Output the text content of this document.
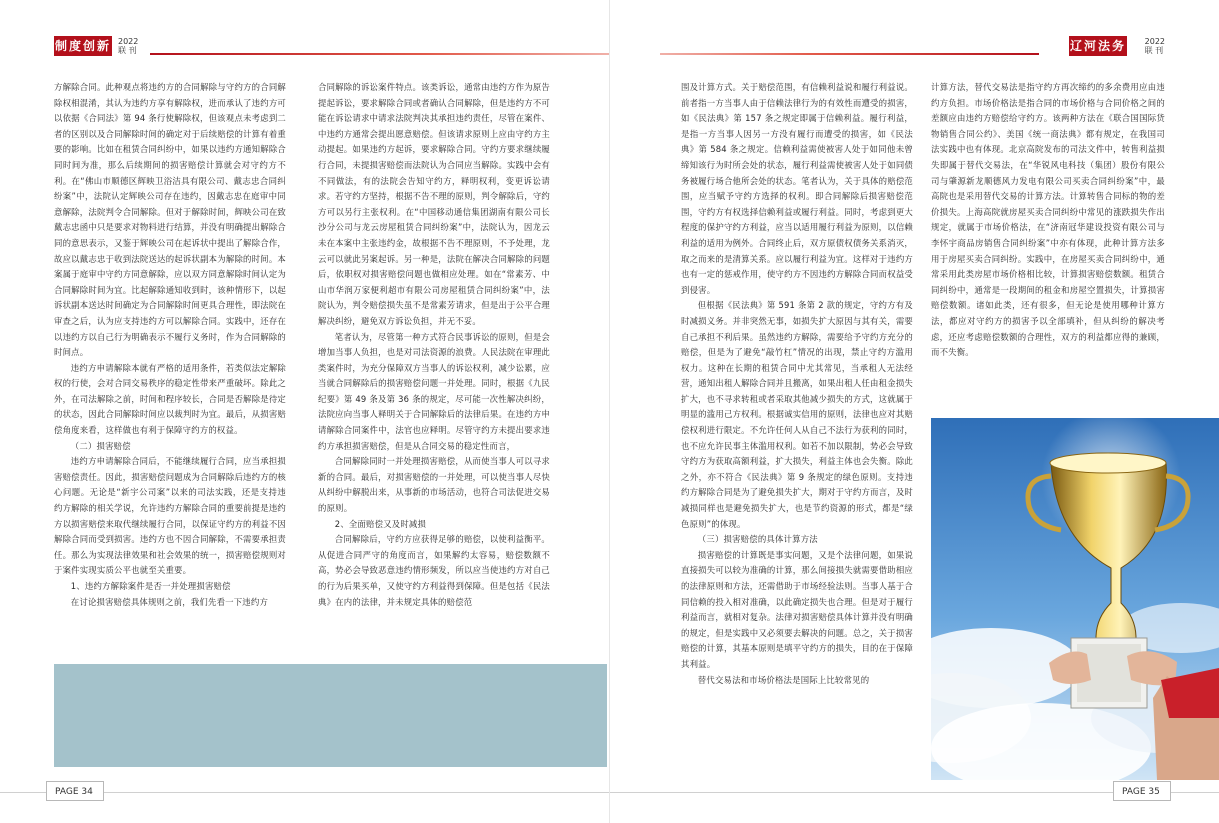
制度创新 2022
联 刊	辽河法务 2022
联 刊

方解除合同。此种观点将违约方的合同解除与守约方的合同解除权相混淆，其认为违约方享有解除权，进而承认了违约方可以依据《合同法》第 94 条行使解除权，但该观点未考虑到二者的区别以及合同解除时间的确定对于后续赔偿的计算有着重要的影响。比如在租赁合同纠纷中，如果以违约方通知解除合同时间为准，那么后续期间的损害赔偿计算就会对守约方不利。在“佛山市顺德区辉映卫浴洁具有限公司、戴志忠合同纠纷案”中，法院认定辉映公司存在违约，因戴志忠在庭审中同意解除，法院判令合同解除。但对于解除时间，辉映公司在致戴志忠函中只是要求对物料进行结算，并没有明确提出解除合同的意思表示，又鉴于辉映公司在起诉状中提出了解除合作，故应以戴志忠于收到法院送达的起诉状副本为解除的时间。本案属于庭审中守约方同意解除，应以双方同意解除时间认定为合同解除时间为宜。比起解除通知收到时，该种情形下，以起诉状副本送达时间确定为合同解除时间更具合理性，即法院在审查之后，认为应支持违约方可以解除合同。实践中，还存在以违约方以自己行为明确表示不履行义务时，作为合同解除的时间点。

违约方申请解除本就有严格的适用条件，若类似法定解除权的行使，会对合同交易秩序的稳定性带来严重破坏。除此之外，在司法解除之前，时间和程序较长，合同是否解除是待定的状态，因此合同解除时间应以裁判时为宜。最后，从损害赔偿角度来看，这样做也有利于保障守约方的权益。

（二）损害赔偿

违约方申请解除合同后，不能继续履行合同，应当承担损害赔偿责任。因此，损害赔偿问题成为合同解除后违约方的核心问题。无论是“新宇公司案”以来的司法实践，还是支持违约方解除的相关学说，允许违约方解除合同的重要前提是违约方以损害赔偿来取代继续履行合同，以保证守约方的利益不因解除合同而受到损害。违约方也不因合同解除，不需要承担责任。那么为实现法律效果和社会效果的统一，损害赔偿规则对于案件实现实质公平也就至关重要。

1、违约方解除案件是否一并处理损害赔偿

在讨论损害赔偿具体规则之前，我们先看一下违约方

合同解除的诉讼案件特点。该类诉讼，通常由违约方作为原告提起诉讼，要求解除合同或者确认合同解除，但是违约方不可能在诉讼请求中请求法院判决其承担违约责任，尽管在案件、中违约方通常会提出愿意赔偿。但该请求原则上应由守约方主动提起。如果违约方起诉，要求解除合同。守约方要求继续履行合同，未提损害赔偿而法院认为合同应当解除。实践中会有不同做法，有的法院会告知守约方，释明权利，变更诉讼请求。若守约方坚持，根据不告不理的原则，判令解除后，守约方可以另行主张权利。在“中国移动通信集团湖南有限公司长沙分公司与龙云房屋租赁合同纠纷案”中，法院认为，因龙云未在本案中主张违约金，故根据不告不理原则，不予处理，龙云可以就此另案起诉。另一种是，法院在解决合同解除的问题后，依职权对损害赔偿问题也做相应处理。如在“常素芳、中山市华润万家便利超市有限公司房屋租赁合同纠纷案”中，法院认为，判令赔偿损失虽不是常素芳请求，但是出于公平合理解决纠纷，避免双方诉讼负担，并无不妥。

笔者认为，尽管第一种方式符合民事诉讼的原则，但是会增加当事人负担，也是对司法资源的浪费。人民法院在审理此类案件时，为充分保障双方当事人的诉讼权利，减少讼累，应当就合同解除后的损害赔偿问题一并处理。同时，根据《九民纪要》第 49 条及第 36 条的规定，尽可能一次性解决纠纷，法院应向当事人释明关于合同解除后的法律后果。在违约方申请解除合同案件中，法官也应释明。尽管守约方未提出要求违约方承担损害赔偿，但是从合同交易的稳定性而言，

合同解除同时一并处理损害赔偿，从而使当事人可以寻求新的合同。最后，对损害赔偿的一并处理，可以使当事人尽快从纠纷中解脱出来，从事新的市场活动，也符合司法促进交易的原则。

2、全面赔偿又及时减损

合同解除后，守约方应获得足够的赔偿，以使利益衡平。从促进合同严守的角度而言，如果解约太容易，赔偿数额不高，势必会导致恶意违约情形频发，所以应当使违约方对自己的行为后果买单，又使守约方利益得到保障。但是包括《民法典》在内的法律，并未规定具体的赔偿范

围及计算方式。关于赔偿范围，有信赖利益说和履行利益说。前者指一方当事人由于信赖法律行为的有效性而遭受的损害，如《民法典》第 157 条之规定即属于信赖利益。履行利益，是指一方当事人因另一方没有履行而遭受的损害，如《民法典》第 584 条之规定。信赖利益需使被害人处于如同他未曾缔知该行为时所会处的状态，履行利益需使被害人处于如同债务被履行场合他所会处的状态。笔者认为，关于具体的赔偿范围，应当赋予守约方选择的权利。即合同解除后损害赔偿范围，守约方有权选择信赖利益或履行利益。同时，考虑到更大程度的保护守约方利益，应当以适用履行利益为原则，以信赖利益的适用为例外。合同终止后，双方原债权债务关系消灭，取之而来的是清算关系。应以履行利益为宜。这样对于违约方也有一定的惩戒作用，使守约方不因违约方解除合同而权益受到侵害。

但根据《民法典》第 591 条第 2 款的规定，守约方有及时减损义务。并非突然无事，如损失扩大原因与其有关，需要自己承担不利后果。虽然违约方解除，需要给予守约方充分的赔偿，但是为了避免“敲竹杠”情况的出现，禁止守约方滥用权力。这种在长期的租赁合同中尤其常见，当承租人无法经营，通知出租人解除合同并且搬离，如果出租人任由租金损失扩大，也不寻求转租或者采取其他减少损失的方式，这就属于明显的滥用己方权利。根据诚实信用的原则，法律也应对其赔偿权利进行限定。不允许任何人从自己不法行为获利的同时，也不应允许民事主体滥用权利。如若不加以限制，势必会导致守约方为获取高额利益，扩大损失，利益主体也会失衡。除此之外，亦不符合《民法典》第 9 条规定的绿色原则。支持违约方解除合同是为了避免损失扩大，期对于守约方而言，及时减损同样也是避免损失扩大，也是节约资源的形式，都是“绿色原则”的体现。

（三）损害赔偿的具体计算方法

损害赔偿的计算既是事实问题，又是个法律问题，如果说直接损失可以较为准确的计算，那么间接损失就需要借助相应的法律原则和方法，还需借助于市场经验法则。当事人基于合同信赖的投入相对准确，以此确定损失也合理。但是对于履行利益而言，就相对复杂。法律对损害赔偿具体计算并没有明确的规定，但是实践中又必须要去解决的问题。总之，关于损害赔偿的计算，其基本原则是填平守约方的损失，目的在于保障其利益。

替代交易法和市场价格法是国际上比较常见的

计算方法，替代交易法是指守约方再次缔约的多余费用应由违约方负担。市场价格法是指合同的市场价格与合同价格之间的差额应由违约方赔偿给守约方。该两种方法在《联合国国际货物销售合同公约》、美国《统一商法典》都有规定，在我国司法实践中也有体现。北京高院发布的司法文件中，转售利益损失即属于替代交易法，在“华锐风电科技（集团）股份有限公司与肇源新龙顺德风力发电有限公司买卖合同纠纷案”中，最高院也是采用替代交易的计算方法。计算转售合同标的物的差价损失。上海高院就房屋买卖合同纠纷中常见的涨跌损失作出规定，就属于市场价格法，在“济南冠华建设投资有限公司与李怀宇商品房销售合同纠纷案”中亦有体现，此种计算方法多用于房屋买卖合同纠纷。实践中，在房屋买卖合同纠纷中，通常采用此类房屋市场价格相比较，计算损害赔偿数额。租赁合同纠纷中，通常是一段期间的租金和房屋空置损失，计算损害赔偿数额。诸如此类，还有很多，但无论是使用哪种计算方法，都应对守约方的损害予以全部填补，但从纠纷的解决考虑，还应考虑赔偿数额的合理性，双方的利益都应得的兼顾，而不失衡。

PAGE 34	PAGE 35
